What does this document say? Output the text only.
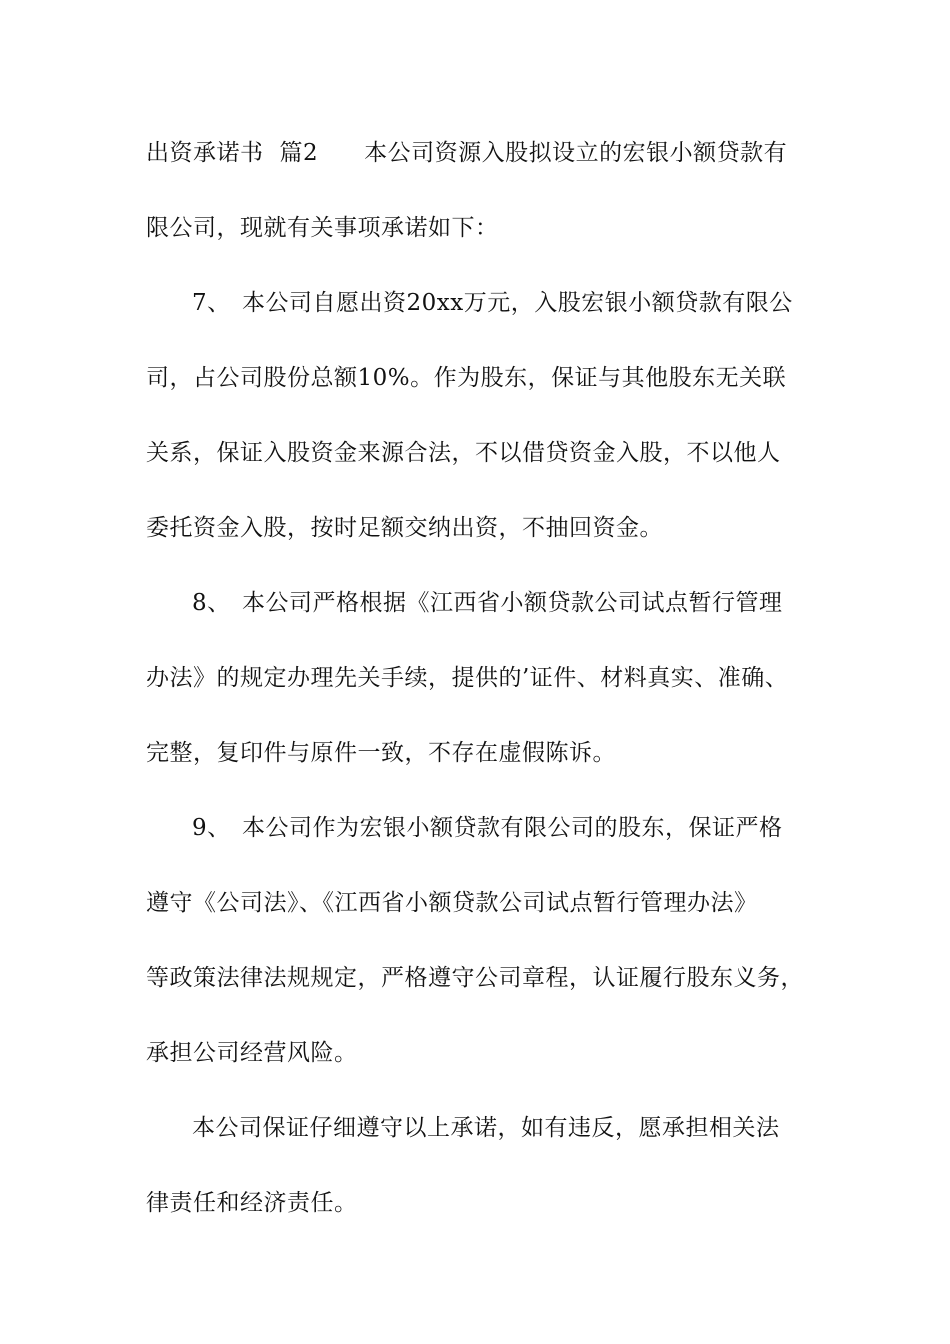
出资承诺书 篇2 本公司资源入股拟设立的宏银小额贷款有
限公司，现就有关事项承诺如下：
7、 本公司自愿出资20xx万元，入股宏银小额贷款有限公
司，占公司股份总额10%。作为股东，保证与其他股东无关联
关系，保证入股资金来源合法，不以借贷资金入股，不以他人
委托资金入股，按时足额交纳出资，不抽回资金。
8、 本公司严格根据《江西省小额贷款公司试点暂行管理
办法》的规定办理先关手续，提供的’证件、材料真实、准确、
完整，复印件与原件一致，不存在虚假陈诉。
9、 本公司作为宏银小额贷款有限公司的股东，保证严格
遵守《公司法》、《江西省小额贷款公司试点暂行管理办法》
等政策法律法规规定，严格遵守公司章程，认证履行股东义务，
承担公司经营风险。
本公司保证仔细遵守以上承诺，如有违反，愿承担相关法
律责任和经济责任。
